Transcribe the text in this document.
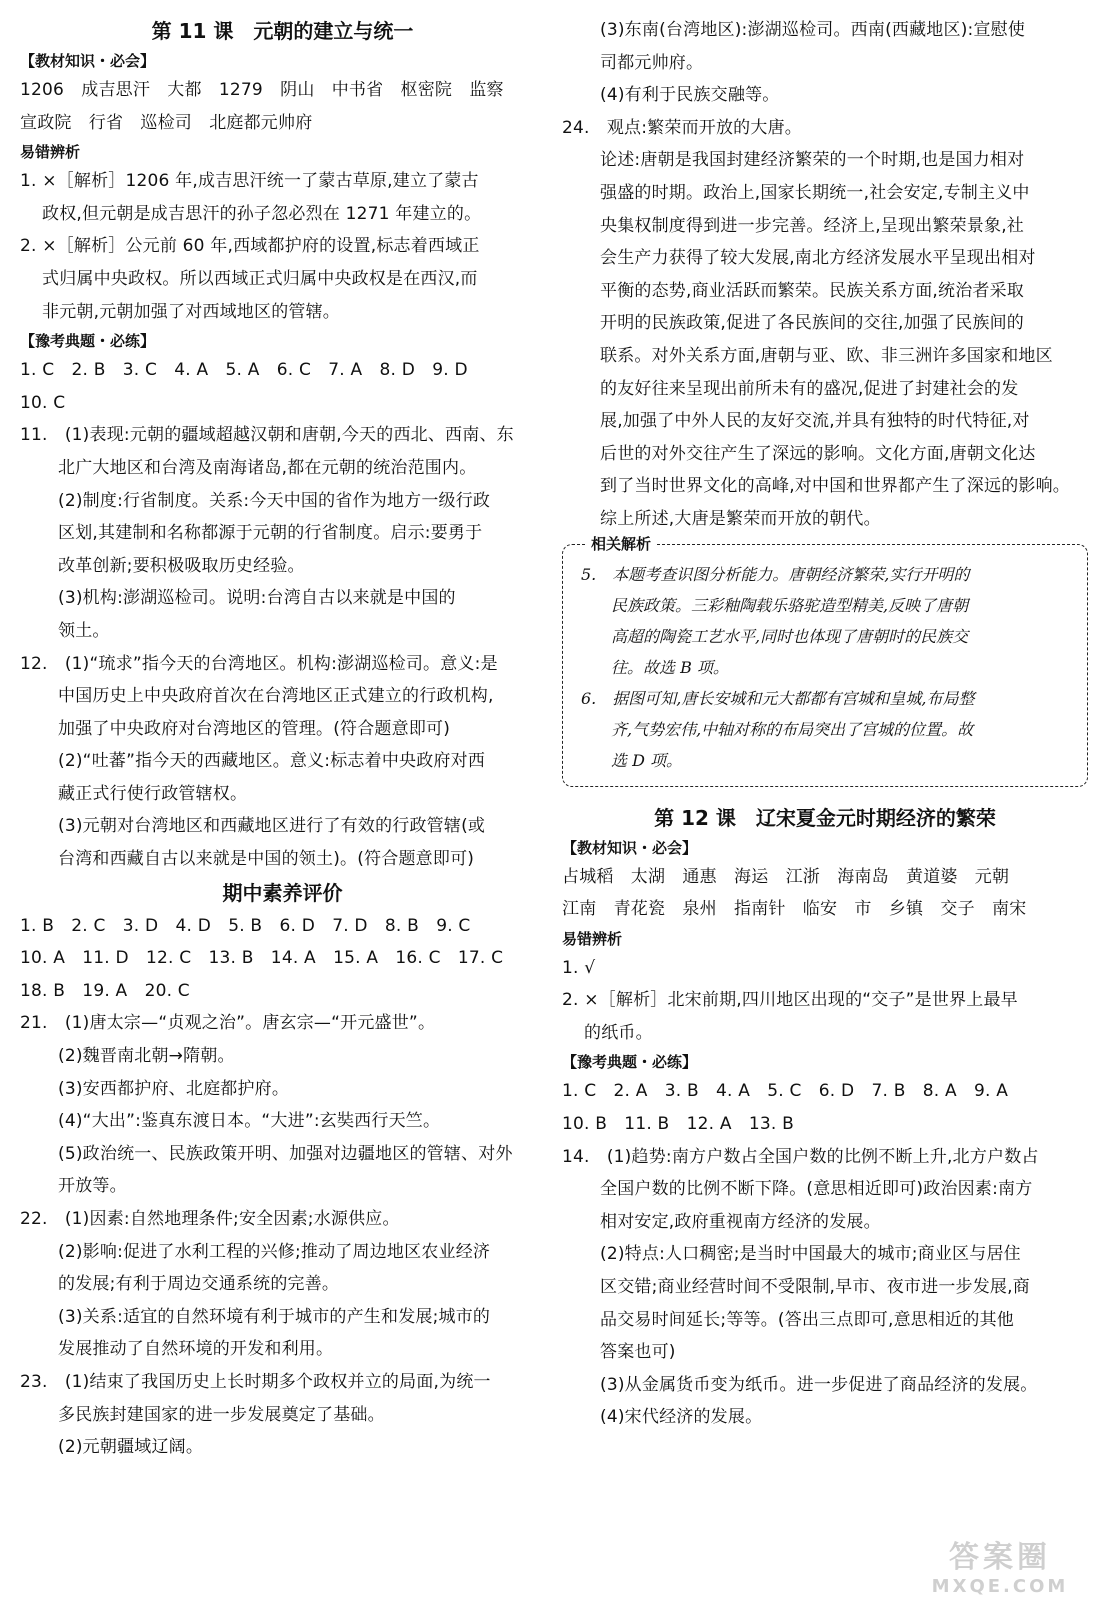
第 11 课　元朝的建立与统一
【教材知识・必会】
1206　成吉思汗　大都　1279　阴山　中书省　枢密院　监察
宣政院　行省　巡检司　北庭都元帅府
易错辨析
1. ×［解析］1206 年,成吉思汗统一了蒙古草原,建立了蒙古
政权,但元朝是成吉思汗的孙子忽必烈在 1271 年建立的。
2. ×［解析］公元前 60 年,西域都护府的设置,标志着西域正
式归属中央政权。所以西域正式归属中央政权是在西汉,而
非元朝,元朝加强了对西域地区的管辖。
【豫考典题・必练】
1. C　2. B　3. C　4. A　5. A　6. C　7. A　8. D　9. D
10. C
11.　(1)表现:元朝的疆域超越汉朝和唐朝,今天的西北、西南、东
北广大地区和台湾及南海诸岛,都在元朝的统治范围内。
(2)制度:行省制度。关系:今天中国的省作为地方一级行政
区划,其建制和名称都源于元朝的行省制度。启示:要勇于
改革创新;要积极吸取历史经验。
(3)机构:澎湖巡检司。说明:台湾自古以来就是中国的
领土。
12.　(1)“琉求”指今天的台湾地区。机构:澎湖巡检司。意义:是
中国历史上中央政府首次在台湾地区正式建立的行政机构,
加强了中央政府对台湾地区的管理。(符合题意即可)
(2)“吐蕃”指今天的西藏地区。意义:标志着中央政府对西
藏正式行使行政管辖权。
(3)元朝对台湾地区和西藏地区进行了有效的行政管辖(或
台湾和西藏自古以来就是中国的领土)。(符合题意即可)
期中素养评价
1. B　2. C　3. D　4. D　5. B　6. D　7. D　8. B　9. C
10. A　11. D　12. C　13. B　14. A　15. A　16. C　17. C
18. B　19. A　20. C
21.　(1)唐太宗—“贞观之治”。唐玄宗—“开元盛世”。
(2)魏晋南北朝→隋朝。
(3)安西都护府、北庭都护府。
(4)“大出”:鉴真东渡日本。“大进”:玄奘西行天竺。
(5)政治统一、民族政策开明、加强对边疆地区的管辖、对外
开放等。
22.　(1)因素:自然地理条件;安全因素;水源供应。
(2)影响:促进了水利工程的兴修;推动了周边地区农业经济
的发展;有利于周边交通系统的完善。
(3)关系:适宜的自然环境有利于城市的产生和发展;城市的
发展推动了自然环境的开发和利用。
23.　(1)结束了我国历史上长时期多个政权并立的局面,为统一
多民族封建国家的进一步发展奠定了基础。
(2)元朝疆域辽阔。
(3)东南(台湾地区):澎湖巡检司。西南(西藏地区):宣慰使
司都元帅府。
(4)有利于民族交融等。
24.　观点:繁荣而开放的大唐。
论述:唐朝是我国封建经济繁荣的一个时期,也是国力相对
强盛的时期。政治上,国家长期统一,社会安定,专制主义中
央集权制度得到进一步完善。经济上,呈现出繁荣景象,社
会生产力获得了较大发展,南北方经济发展水平呈现出相对
平衡的态势,商业活跃而繁荣。民族关系方面,统治者采取
开明的民族政策,促进了各民族间的交往,加强了民族间的
联系。对外关系方面,唐朝与亚、欧、非三洲许多国家和地区
的友好往来呈现出前所未有的盛况,促进了封建社会的发
展,加强了中外人民的友好交流,并具有独特的时代特征,对
后世的对外交往产生了深远的影响。文化方面,唐朝文化达
到了当时世界文化的高峰,对中国和世界都产生了深远的影响。
综上所述,大唐是繁荣而开放的朝代。
相关解析
5.　本题考查识图分析能力。唐朝经济繁荣,实行开明的
民族政策。三彩釉陶载乐骆驼造型精美,反映了唐朝
高超的陶瓷工艺水平,同时也体现了唐朝时的民族交
往。故选 B 项。
6.　据图可知,唐长安城和元大都都有宫城和皇城,布局整
齐,气势宏伟,中轴对称的布局突出了宫城的位置。故
选 D 项。
第 12 课　辽宋夏金元时期经济的繁荣
【教材知识・必会】
占城稻　太湖　通惠　海运　江浙　海南岛　黄道婆　元朝
江南　青花瓷　泉州　指南针　临安　市　乡镇　交子　南宋
易错辨析
1. √
2. ×［解析］北宋前期,四川地区出现的“交子”是世界上最早
的纸币。
【豫考典题・必练】
1. C　2. A　3. B　4. A　5. C　6. D　7. B　8. A　9. A
10. B　11. B　12. A　13. B
14.　(1)趋势:南方户数占全国户数的比例不断上升,北方户数占
全国户数的比例不断下降。(意思相近即可)政治因素:南方
相对安定,政府重视南方经济的发展。
(2)特点:人口稠密;是当时中国最大的城市;商业区与居住
区交错;商业经营时间不受限制,早市、夜市进一步发展,商
品交易时间延长;等等。(答出三点即可,意思相近的其他
答案也可)
(3)从金属货币变为纸币。进一步促进了商品经济的发展。
(4)宋代经济的发展。
答案圈
MXQE.COM
